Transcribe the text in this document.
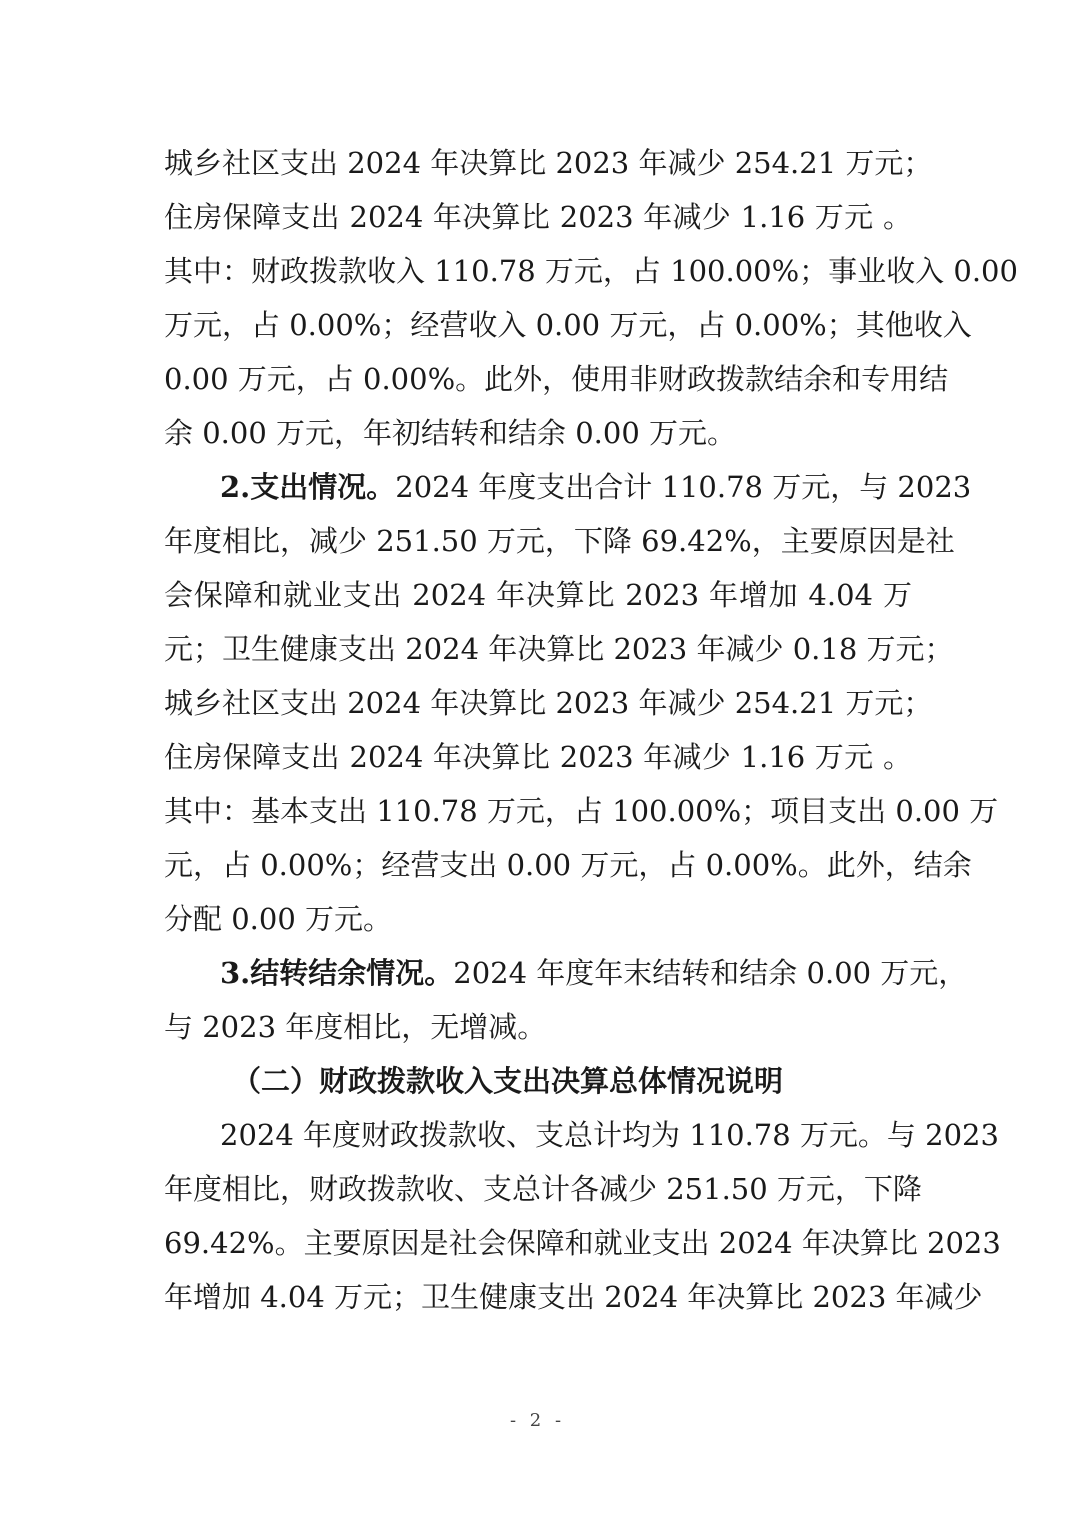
城乡社区支出 2024 年决算比 2023 年减少 254.21 万元；
住房保障支出 2024 年决算比 2023 年减少 1.16 万元 。
其中：财政拨款收入 110.78 万元，占 100.00%；事业收入 0.00
万元，占 0.00%；经营收入 0.00 万元，占 0.00%；其他收入
0.00 万元，占 0.00%。此外，使用非财政拨款结余和专用结
余 0.00 万元，年初结转和结余 0.00 万元。
2.支出情况。2024 年度支出合计 110.78 万元，与 2023
年度相比，减少 251.50 万元，下降 69.42%，主要原因是社
会保障和就业支出 2024 年决算比 2023 年增加 4.04 万
元；卫生健康支出 2024 年决算比 2023 年减少 0.18 万元；
城乡社区支出 2024 年决算比 2023 年减少 254.21 万元；
住房保障支出 2024 年决算比 2023 年减少 1.16 万元 。
其中：基本支出 110.78 万元，占 100.00%；项目支出 0.00 万
元，占 0.00%；经营支出 0.00 万元，占 0.00%。此外，结余
分配 0.00 万元。
3.结转结余情况。2024 年度年末结转和结余 0.00 万元，
与 2023 年度相比，无增减。
（二）财政拨款收入支出决算总体情况说明
2024 年度财政拨款收、支总计均为 110.78 万元。与 2023
年度相比，财政拨款收、支总计各减少 251.50 万元，下降
69.42%。主要原因是社会保障和就业支出 2024 年决算比 2023
年增加 4.04 万元；卫生健康支出 2024 年决算比 2023 年减少
- 2 -
